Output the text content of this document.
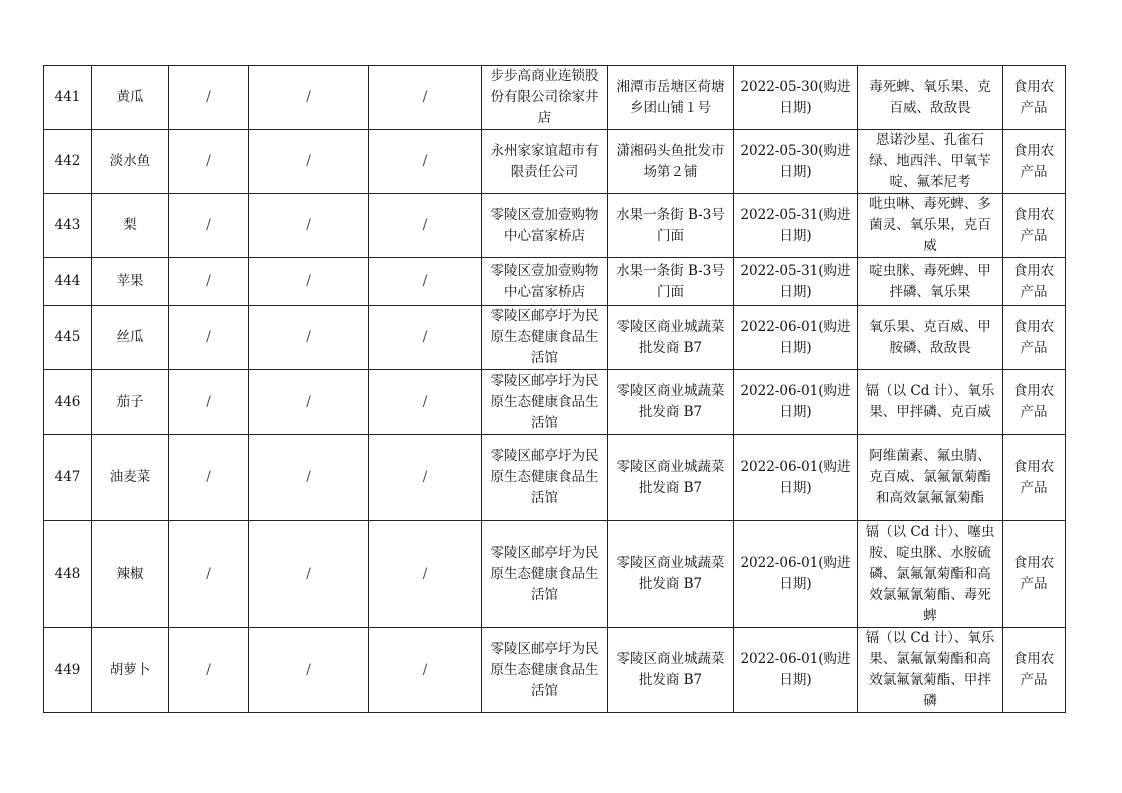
441	黄瓜	/	/	/	步步高商业连锁股份有限公司徐家井店	湘潭市岳塘区荷塘乡团山铺１号	2022-05-30(购进日期)	毒死蜱、氧乐果、克百威、敌敌畏	食用农产品
442	淡水鱼	/	/	/	永州家家谊超市有限责任公司	潇湘码头鱼批发市场第２铺	2022-05-30(购进日期)	恩诺沙星、孔雀石绿、地西泮、甲氧苄啶、氟苯尼考	食用农产品
443	梨	/	/	/	零陵区壹加壹购物中心富家桥店	水果一条街 B-3号门面	2022-05-31(购进日期)	吡虫啉、毒死蜱、多菌灵、氧乐果，克百威	食用农产品
444	苹果	/	/	/	零陵区壹加壹购物中心富家桥店	水果一条街 B-3号门面	2022-05-31(购进日期)	啶虫脒、毒死蜱、甲拌磷、氧乐果	食用农产品
445	丝瓜	/	/	/	零陵区邮亭圩为民原生态健康食品生活馆	零陵区商业城蔬菜批发商 B7	2022-06-01(购进日期)	氧乐果、克百威、甲胺磷、敌敌畏	食用农产品
446	茄子	/	/	/	零陵区邮亭圩为民原生态健康食品生活馆	零陵区商业城蔬菜批发商 B7	2022-06-01(购进日期)	镉（以 Cd 计）、氧乐果、甲拌磷、克百威	食用农产品
447	油麦菜	/	/	/	零陵区邮亭圩为民原生态健康食品生活馆	零陵区商业城蔬菜批发商 B7	2022-06-01(购进日期)	阿维菌素、氟虫腈、克百威、氯氟氰菊酯和高效氯氟氰菊酯	食用农产品
448	辣椒	/	/	/	零陵区邮亭圩为民原生态健康食品生活馆	零陵区商业城蔬菜批发商 B7	2022-06-01(购进日期)	镉（以 Cd 计）、噻虫胺、啶虫脒、水胺硫磷、氯氟氰菊酯和高效氯氟氰菊酯、毒死蜱	食用农产品
449	胡萝卜	/	/	/	零陵区邮亭圩为民原生态健康食品生活馆	零陵区商业城蔬菜批发商 B7	2022-06-01(购进日期)	镉（以 Cd 计）、氧乐果、氯氟氰菊酯和高效氯氟氰菊酯、甲拌磷	食用农产品
